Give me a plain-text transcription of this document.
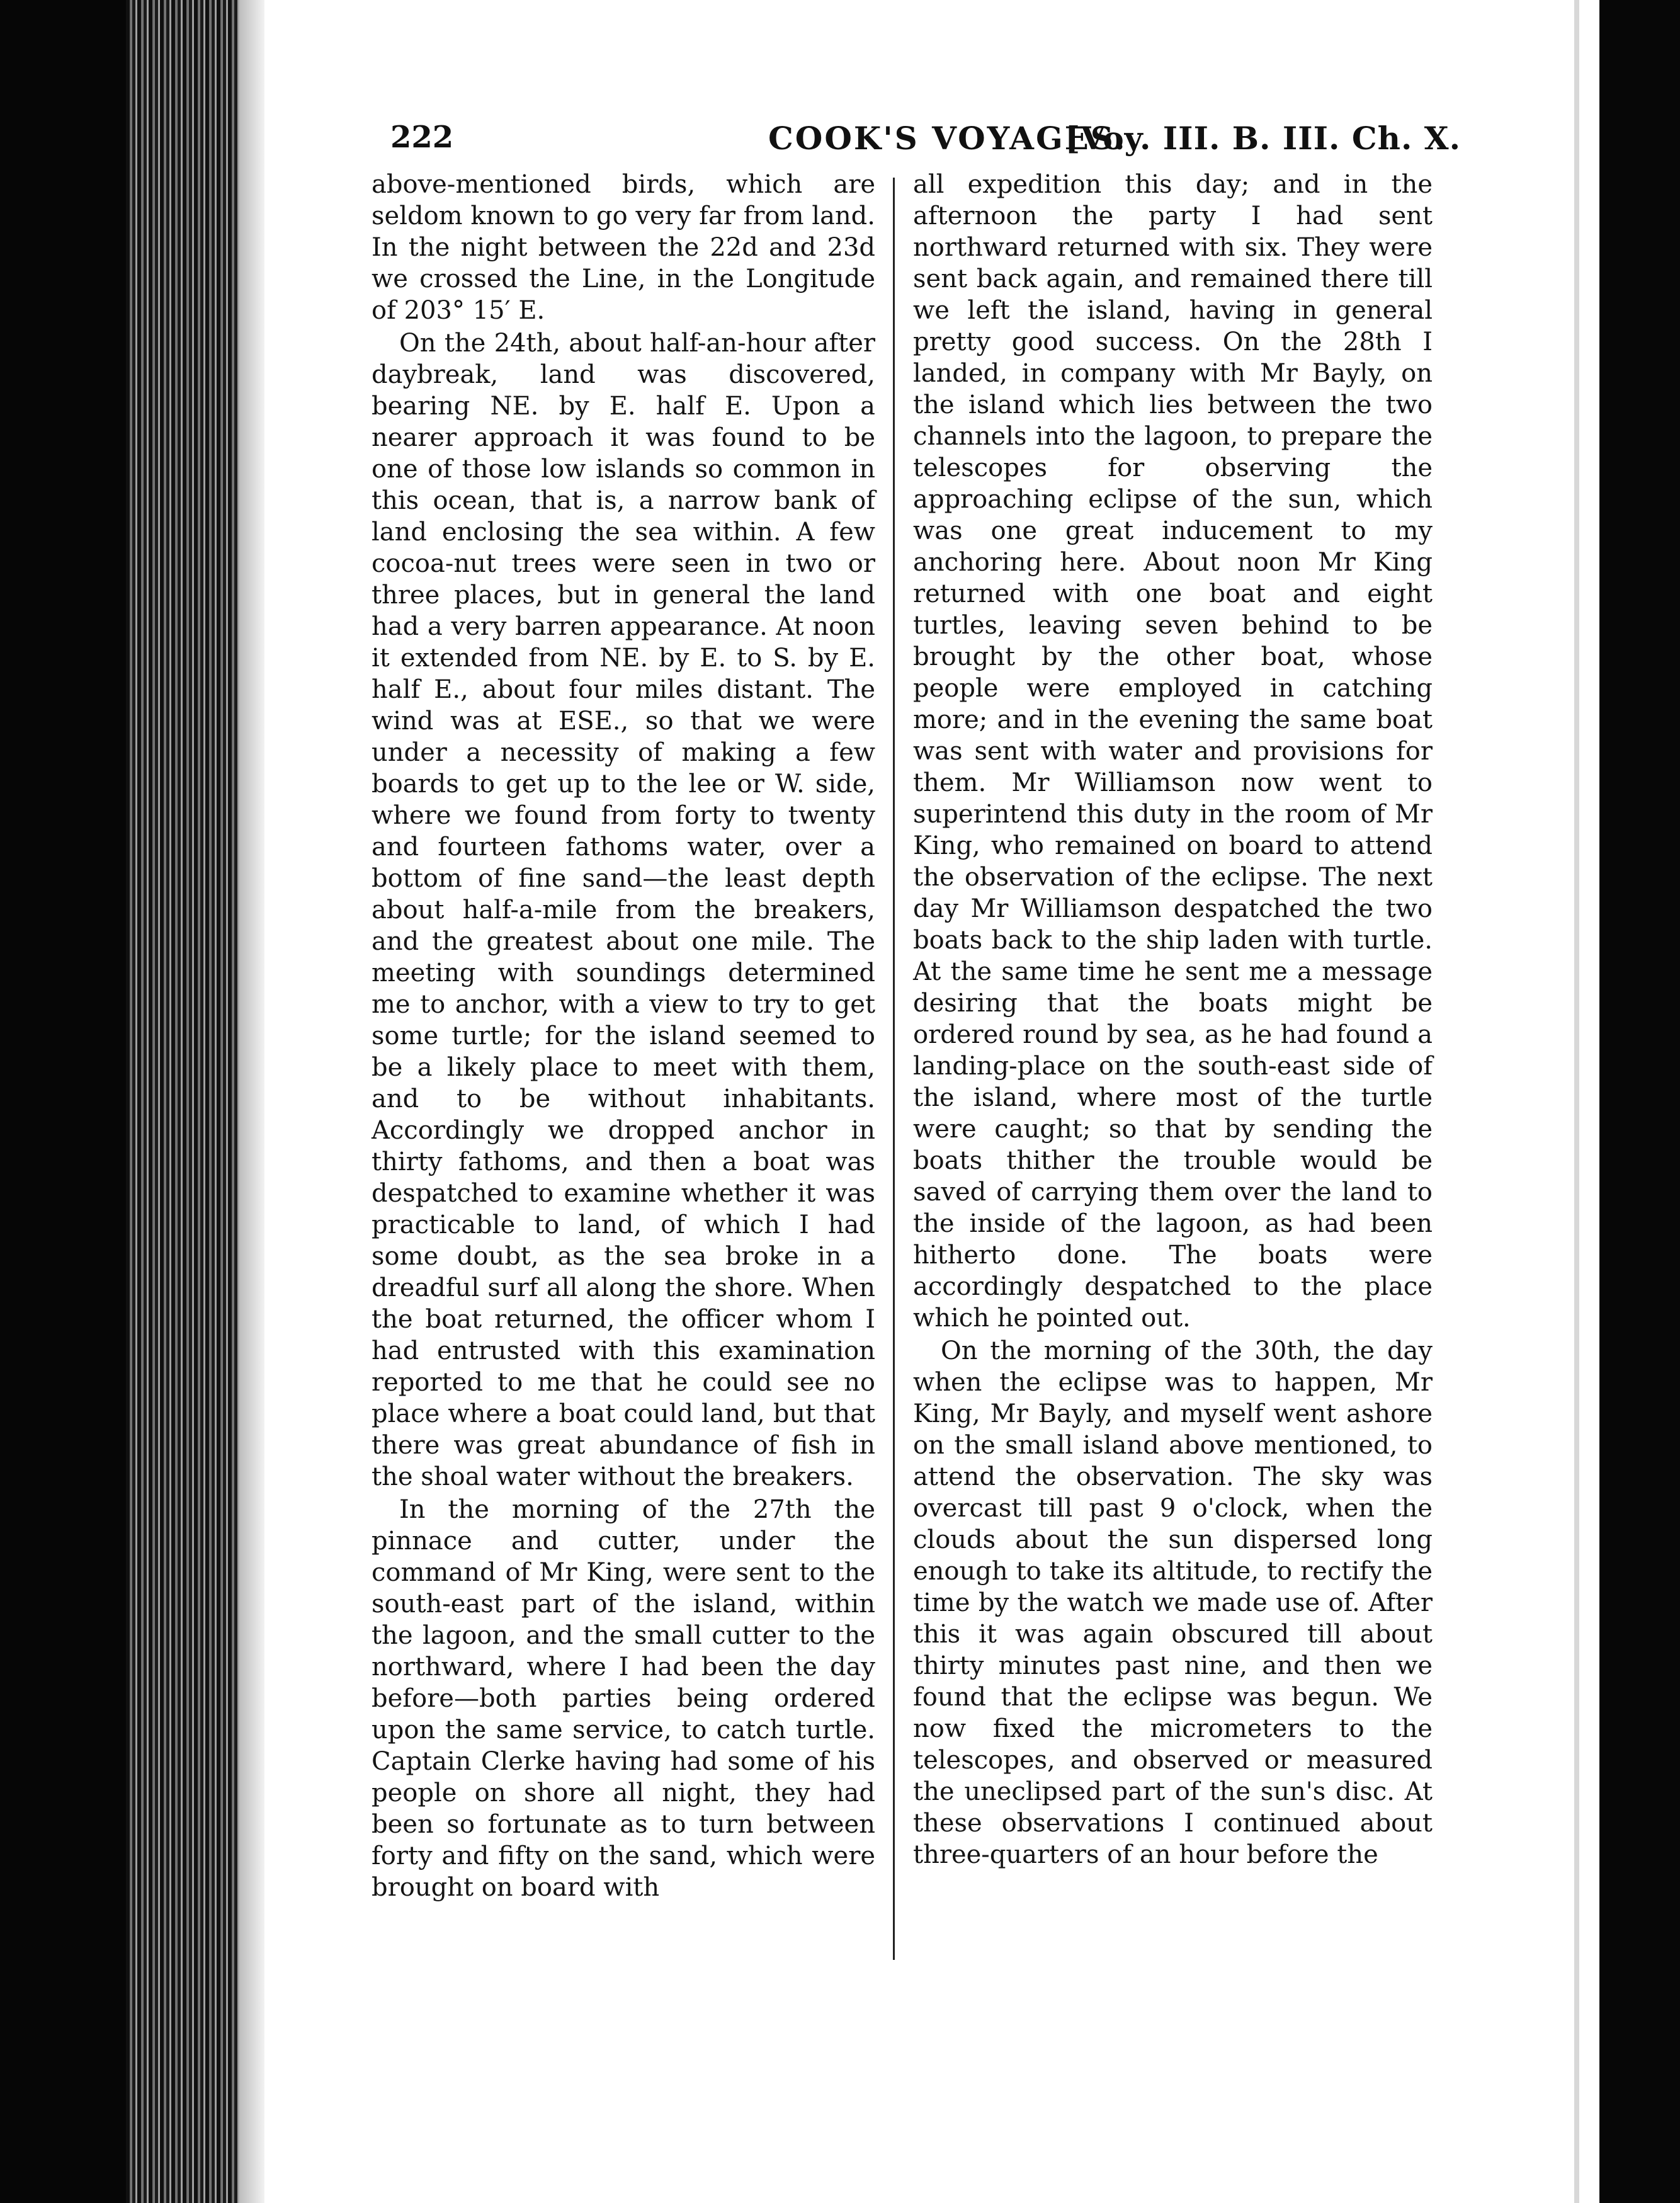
222	COOK'S VOYAGES.
[Voy. III. B. III. Ch. X.

above-mentioned birds, which are seldom known to go very far from land. In the night between the 22d and 23d we crossed the Line, in the Longitude of 203° 15′ E.

On the 24th, about half-an-hour after daybreak, land was discovered, bearing NE. by E. half E. Upon a nearer approach it was found to be one of those low islands so common in this ocean, that is, a narrow bank of land enclosing the sea within. A few cocoa-nut trees were seen in two or three places, but in general the land had a very barren appearance. At noon it extended from NE. by E. to S. by E. half E., about four miles distant. The wind was at ESE., so that we were under a necessity of making a few boards to get up to the lee or W. side, where we found from forty to twenty and fourteen fathoms water, over a bottom of fine sand—the least depth about half-a-mile from the breakers, and the greatest about one mile. The meeting with soundings determined me to anchor, with a view to try to get some turtle; for the island seemed to be a likely place to meet with them, and to be without inhabitants. Accordingly we dropped anchor in thirty fathoms, and then a boat was despatched to examine whether it was practicable to land, of which I had some doubt, as the sea broke in a dreadful surf all along the shore. When the boat returned, the officer whom I had entrusted with this examination reported to me that he could see no place where a boat could land, but that there was great abundance of fish in the shoal water without the breakers.

In the morning of the 27th the pinnace and cutter, under the command of Mr King, were sent to the south-east part of the island, within the lagoon, and the small cutter to the northward, where I had been the day before—both parties being ordered upon the same service, to catch turtle. Captain Clerke having had some of his people on shore all night, they had been so fortunate as to turn between forty and fifty on the sand, which were brought on board with

all expedition this day; and in the afternoon the party I had sent northward returned with six. They were sent back again, and remained there till we left the island, having in general pretty good success. On the 28th I landed, in company with Mr Bayly, on the island which lies between the two channels into the lagoon, to prepare the telescopes for observing the approaching eclipse of the sun, which was one great inducement to my anchoring here. About noon Mr King returned with one boat and eight turtles, leaving seven behind to be brought by the other boat, whose people were employed in catching more; and in the evening the same boat was sent with water and provisions for them. Mr Williamson now went to superintend this duty in the room of Mr King, who remained on board to attend the observation of the eclipse. The next day Mr Williamson despatched the two boats back to the ship laden with turtle. At the same time he sent me a message desiring that the boats might be ordered round by sea, as he had found a landing-place on the south-east side of the island, where most of the turtle were caught; so that by sending the boats thither the trouble would be saved of carrying them over the land to the inside of the lagoon, as had been hitherto done. The boats were accordingly despatched to the place which he pointed out.

On the morning of the 30th, the day when the eclipse was to happen, Mr King, Mr Bayly, and myself went ashore on the small island above mentioned, to attend the observation. The sky was overcast till past 9 o'clock, when the clouds about the sun dispersed long enough to take its altitude, to rectify the time by the watch we made use of. After this it was again obscured till about thirty minutes past nine, and then we found that the eclipse was begun. We now fixed the micrometers to the telescopes, and observed or measured the uneclipsed part of the sun's disc. At these observations I continued about three-quarters of an hour before the
